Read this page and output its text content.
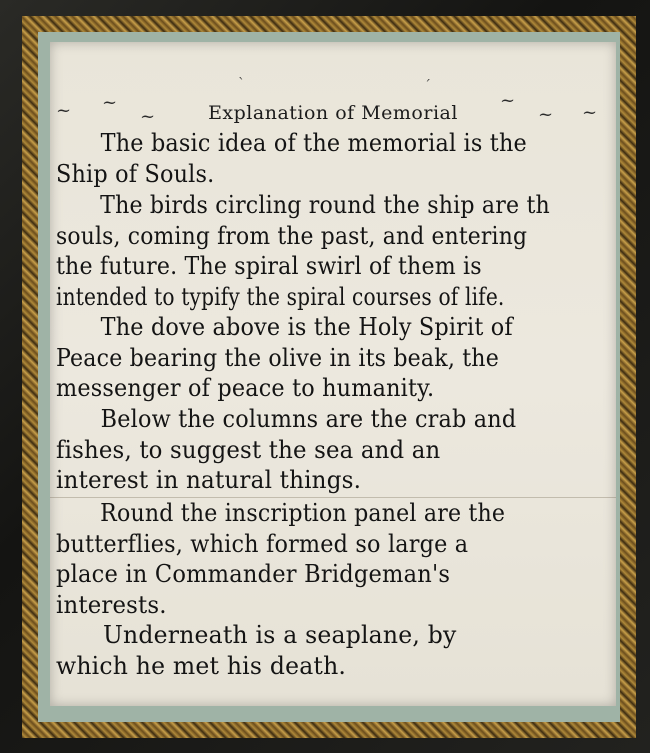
ˋ	ˊ
~ ~
~
~
~ ~
Explanation of Memorial
The basic idea of the memorial is the
Ship of Souls.
The birds circling round the ship are th
souls, coming from the past, and entering
the future. The spiral swirl of them is
intended to typify the spiral courses of life.
The dove above is the Holy Spirit of
Peace bearing the olive in its beak, the
messenger of peace to humanity.
Below the columns are the crab and
fishes, to suggest the sea and an
interest in natural things.
Round the inscription panel are the
butterflies, which formed so large a
place in Commander Bridgeman's
interests.
Underneath is a seaplane, by
which he met his death.
